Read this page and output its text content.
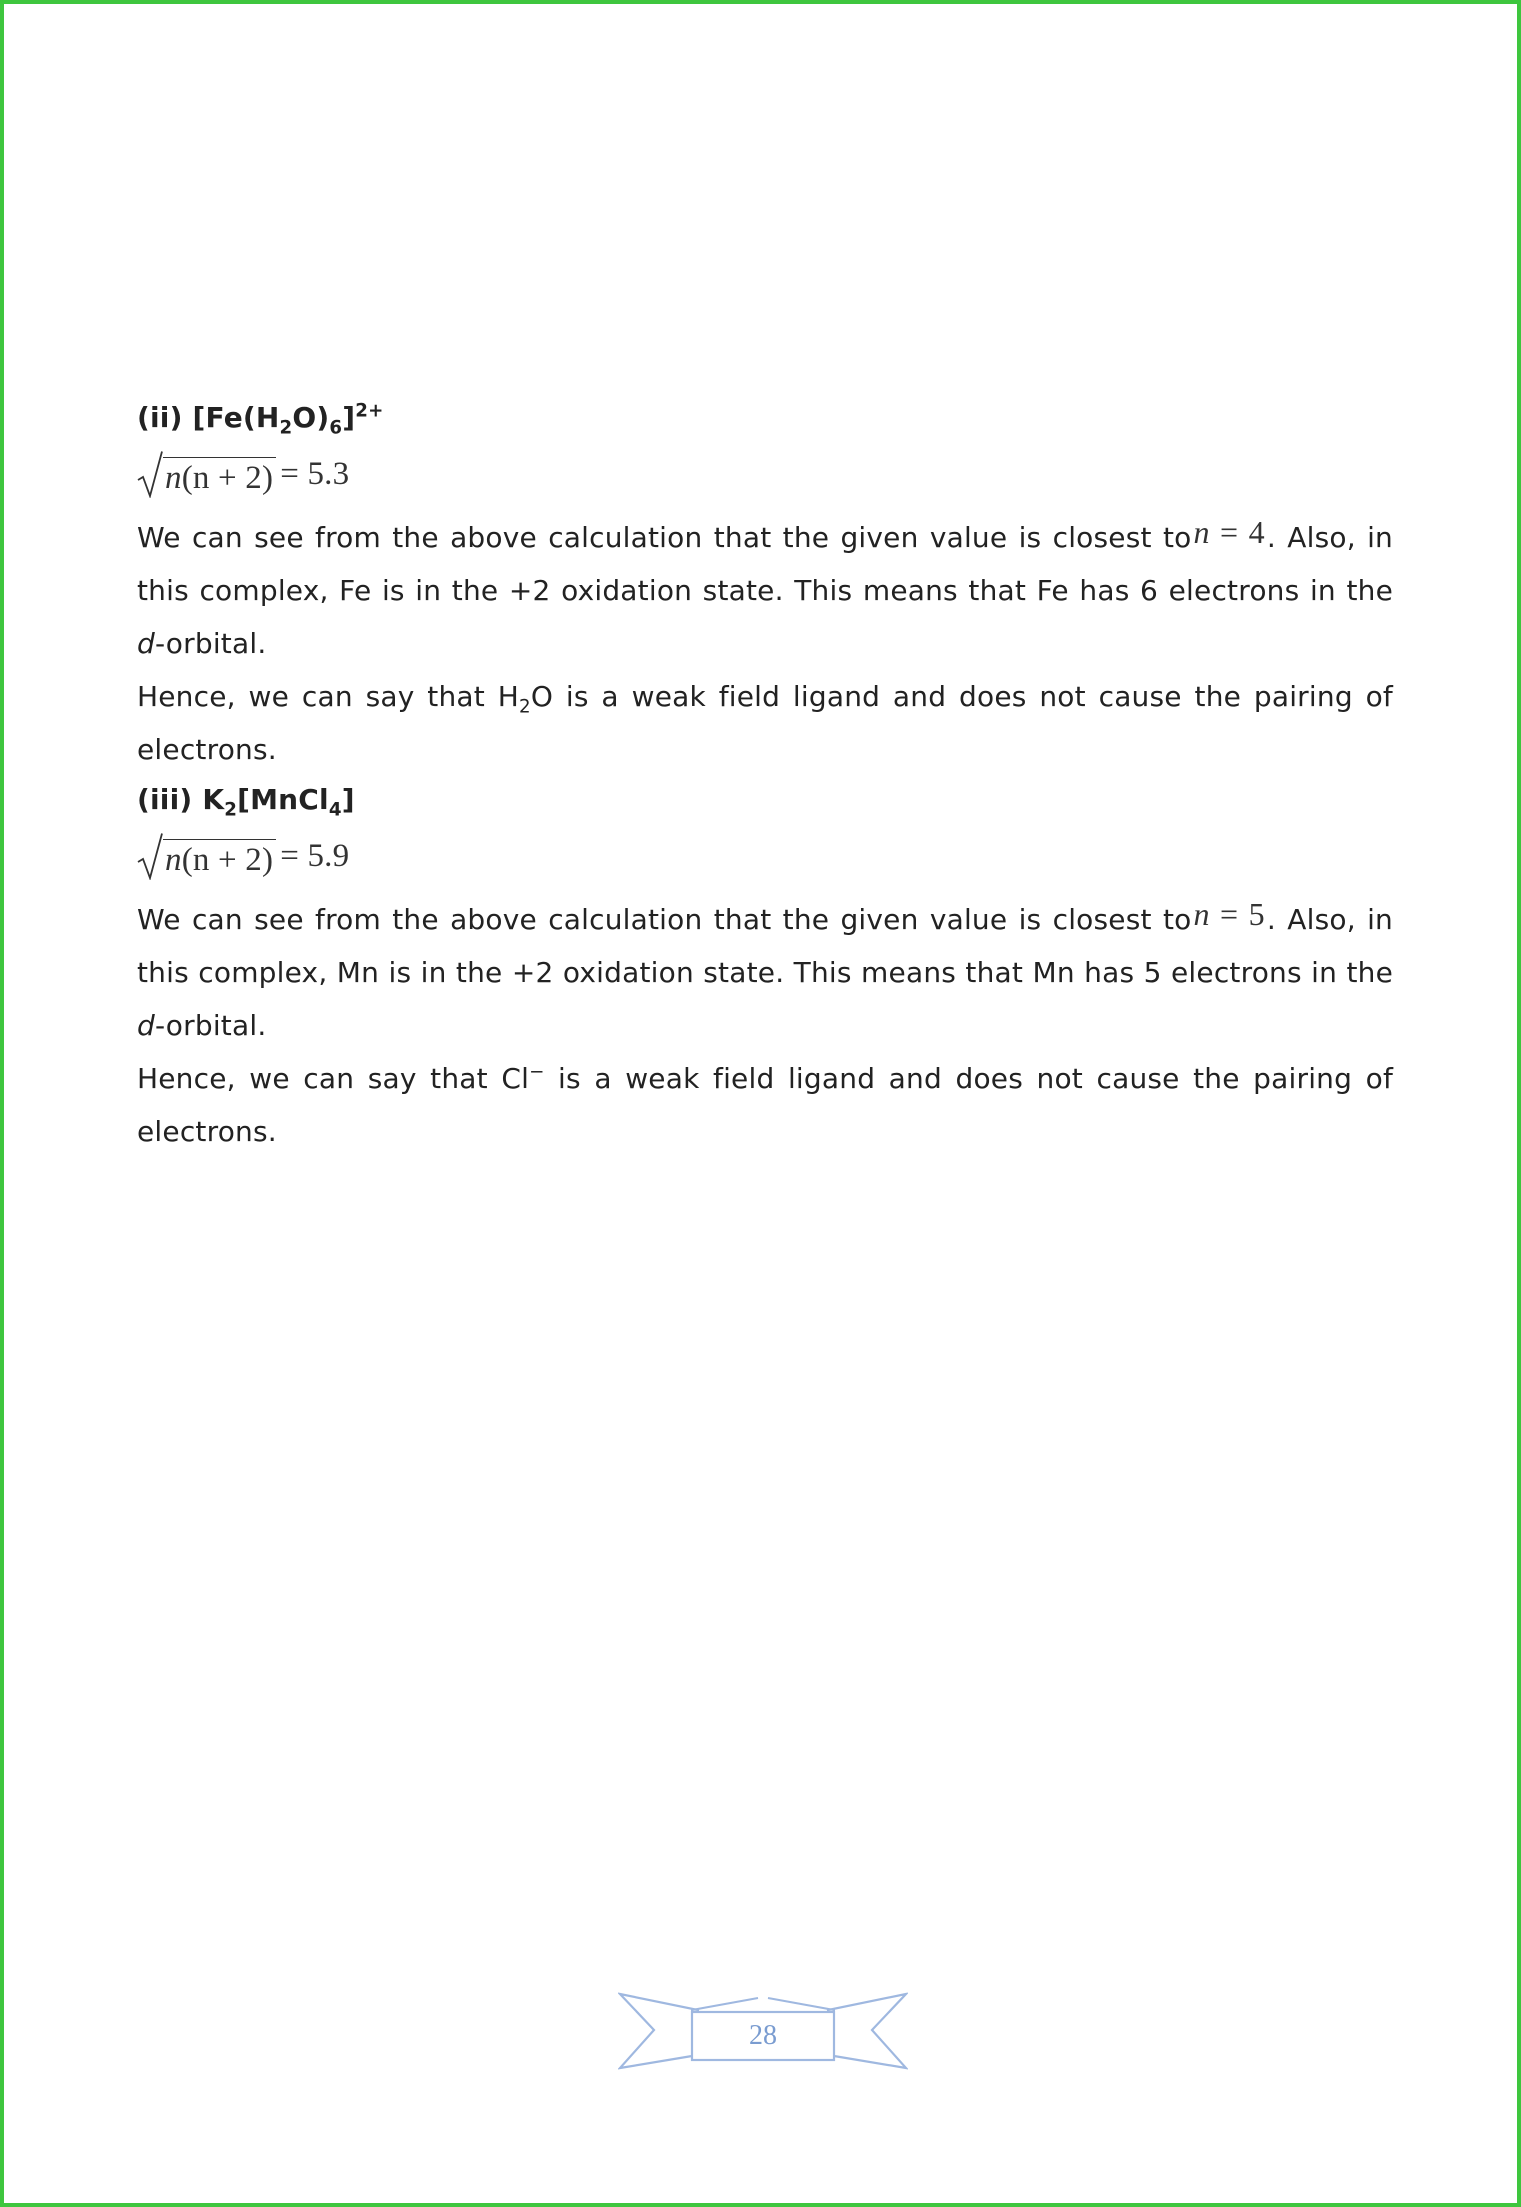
(ii) $[Fe(H_2O)_6]^{2+}$
n(n + 2) = 5.3
We can see from the above calculation that the given value is closest ton = 4. Also, in this complex, Fe is in the +2 oxidation state. This means that Fe has 6 electrons in the d-orbital.
Hence, we can say that $H_2O$ is a weak field ligand and does not cause the pairing of electrons.
(iii) $K_2[MnCl_4]$
n(n + 2) = 5.9
We can see from the above calculation that the given value is closest ton = 5. Also, in this complex, Mn is in the +2 oxidation state. This means that Mn has 5 electrons in the d-orbital.
Hence, we can say that Cl− is a weak field ligand and does not cause the pairing of electrons.
28
